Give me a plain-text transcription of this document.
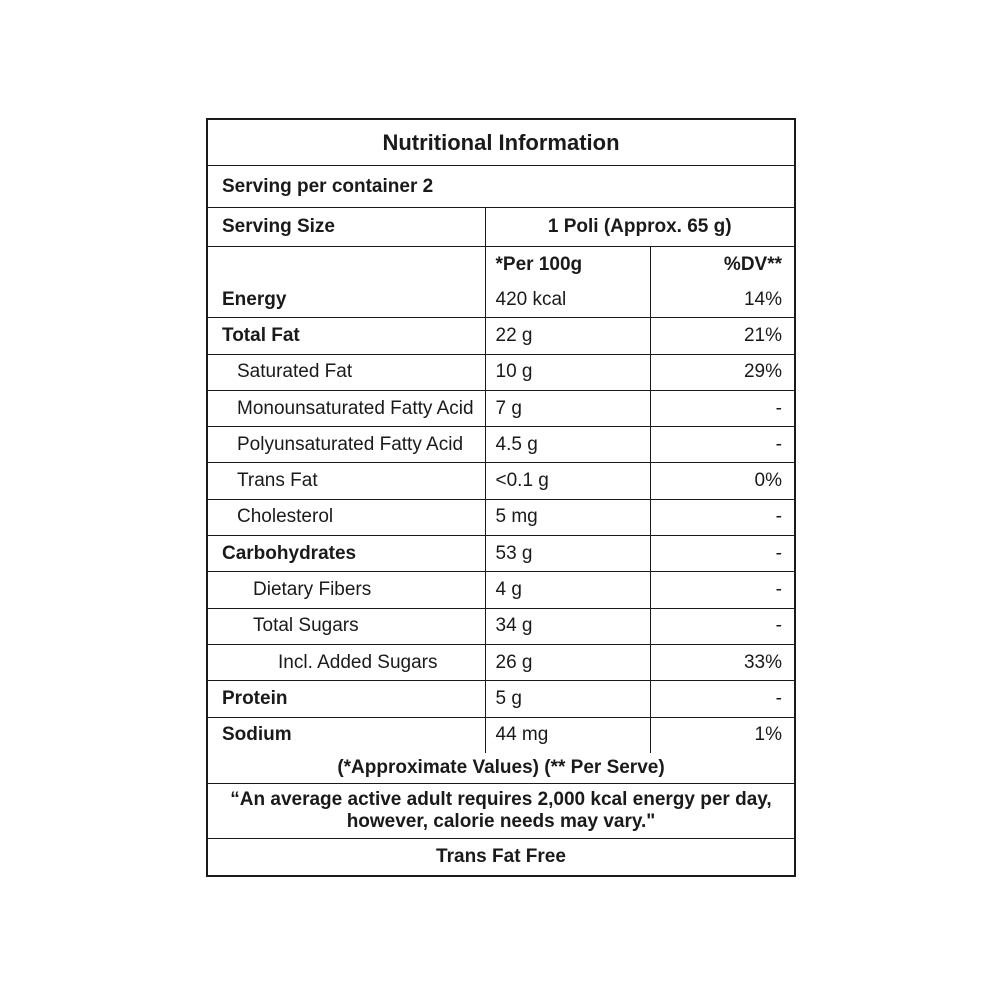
Nutritional Information		
Serving per container 2		
Serving Size	1 Poli (Approx. 65 g)	
	*Per 100g	%DV**
Energy	420 kcal	14%
Total Fat	22 g	21%
Saturated Fat	10 g	29%
Monounsaturated Fatty Acid	7 g	-
Polyunsaturated Fatty Acid	4.5 g	-
Trans Fat	<0.1 g	0%
Cholesterol	5 mg	-
Carbohydrates	53 g	-
Dietary Fibers	4 g	-
Total Sugars	34 g	-
Incl. Added Sugars	26 g	33%
Protein	5 g	-
Sodium	44 mg	1%
(*Approximate Values) (** Per Serve)		
“An average active adult requires 2,000 kcal energy per day, however, calorie needs may vary."		
Trans Fat Free		
